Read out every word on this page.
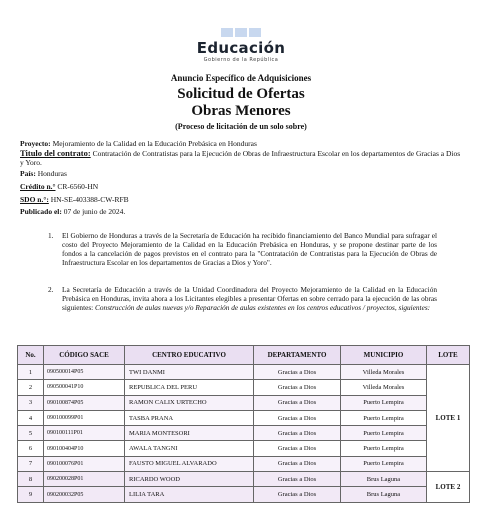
Educación
Gobierno de la República
Anuncio Específico de Adquisiciones
Solicitud de Ofertas
Obras Menores
(Proceso de licitación de un solo sobre)
Proyecto: Mejoramiento de la Calidad en la Educación Prebásica en Honduras
Titulo del contrato: Contratación de Contratistas para la Ejecución de Obras de Infraestructura Escolar en los departamentos de Gracias a Dios y Yoro.
País: Honduras
Crédito n.° CR-6560-HN
SDO n.°: HN-SE-403388-CW-RFB
Publicado el: 07 de junio de 2024.
1. El Gobierno de Honduras a través de la Secretaría de Educación ha recibido financiamiento del Banco Mundial para sufragar el costo del Proyecto Mejoramiento de la Calidad en la Educación Prebásica en Honduras, y se propone destinar parte de los fondos a la cancelación de pagos previstos en el contrato para la "Contratación de Contratistas para la Ejecución de Obras de Infraestructura Escolar en los departamentos de Gracias a Dios y Yoro".
2. La Secretaría de Educación a través de la Unidad Coordinadora del Proyecto Mejoramiento de la Calidad en la Educación Prebásica en Honduras, invita ahora a los Licitantes elegibles a presentar Ofertas en sobre cerrado para la ejecución de las obras siguientes: Construcción de aulas nuevas y/o Reparación de aulas existentes en los centros educativos / proyectos, siguientes:
No.	CÓDIGO SACE	CENTRO EDUCATIVO	DEPARTAMENTO	MUNICIPIO	LOTE
1	090500014P05	TWI DANMI	Gracias a Dios	Villeda Morales	LOTE 1
2	090500041P10	REPUBLICA DEL PERU	Gracias a Dios	Villeda Morales	
3	090100874P05	RAMON CALIX URTECHO	Gracias a Dios	Puerto Lempira	
4	090100099P01	TASBA PRANA	Gracias a Dios	Puerto Lempira	
5	090100111P01	MARIA MONTESORI	Gracias a Dios	Puerto Lempira	
6	090100404P10	AWALA TANGNI	Gracias a Dios	Puerto Lempira	
7	090100076P01	FAUSTO MIGUEL ALVARADO	Gracias a Dios	Puerto Lempira	
8	090200028P01	RICARDO WOOD	Gracias a Dios	Brus Laguna	LOTE 2
9	090200032P05	LILIA TARA	Gracias a Dios	Brus Laguna	
